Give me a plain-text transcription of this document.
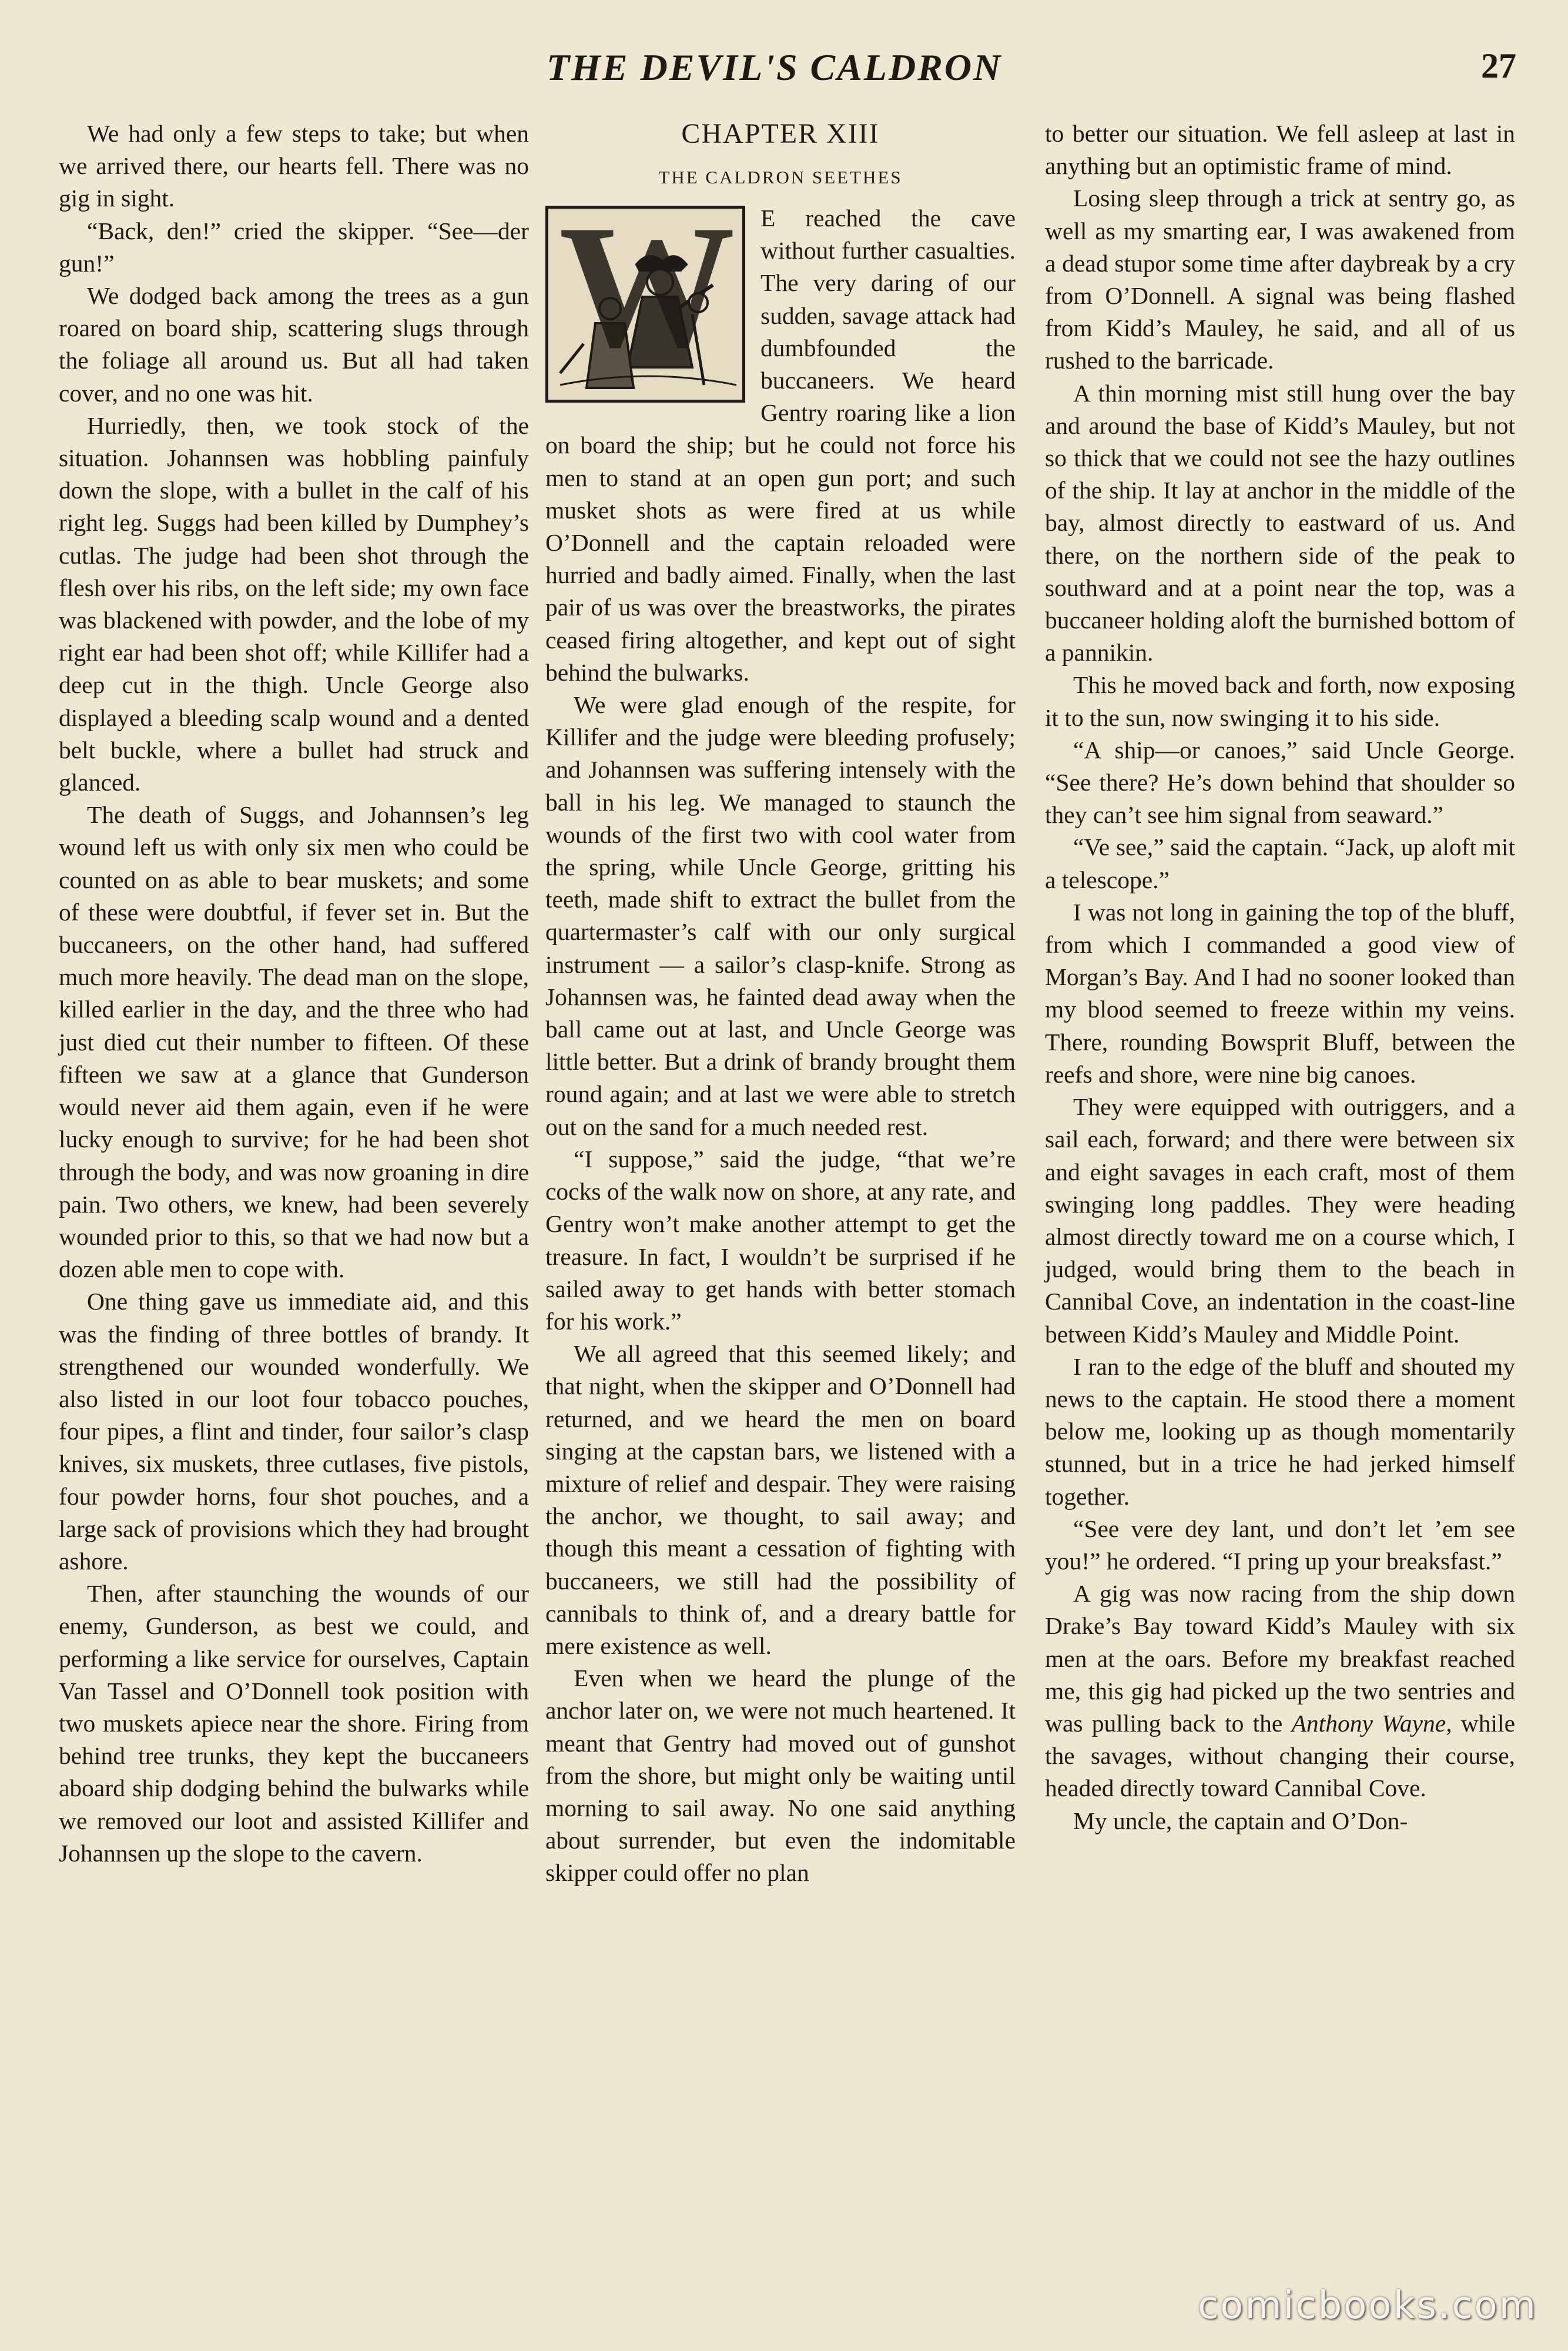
THE DEVIL'S CALDRON	27

We had only a few steps to take; but when we arrived there, our hearts fell. There was no gig in sight.

“Back, den!” cried the skipper. “See—der gun!”

We dodged back among the trees as a gun roared on board ship, scattering slugs through the foliage all around us. But all had taken cover, and no one was hit.

Hurriedly, then, we took stock of the situation. Johannsen was hobbling painfuly down the slope, with a bullet in the calf of his right leg. Suggs had been killed by Dumphey’s cutlas. The judge had been shot through the flesh over his ribs, on the left side; my own face was blackened with powder, and the lobe of my right ear had been shot off; while Killifer had a deep cut in the thigh. Uncle George also displayed a bleeding scalp wound and a dented belt buckle, where a bullet had struck and glanced.

The death of Suggs, and Johannsen’s leg wound left us with only six men who could be counted on as able to bear muskets; and some of these were doubtful, if fever set in. But the buccaneers, on the other hand, had suffered much more heavily. The dead man on the slope, killed earlier in the day, and the three who had just died cut their number to fifteen. Of these fifteen we saw at a glance that Gunderson would never aid them again, even if he were lucky enough to survive; for he had been shot through the body, and was now groaning in dire pain. Two others, we knew, had been severely wounded prior to this, so that we had now but a dozen able men to cope with.

One thing gave us immediate aid, and this was the finding of three bottles of brandy. It strengthened our wounded wonderfully. We also listed in our loot four tobacco pouches, four pipes, a flint and tinder, four sailor’s clasp knives, six muskets, three cutlases, five pistols, four powder horns, four shot pouches, and a large sack of provisions which they had brought ashore.

Then, after staunching the wounds of our enemy, Gunderson, as best we could, and performing a like service for ourselves, Captain Van Tassel and O’Donnell took position with two muskets apiece near the shore. Firing from behind tree trunks, they kept the buccaneers aboard ship dodging behind the bulwarks while we removed our loot and assisted Killifer and Johannsen up the slope to the cavern.

CHAPTER XIII
THE CALDRON SEETHES
W	E reached the cave without further casualties. The very daring of our sudden, savage attack had dumbfounded the buccaneers. We heard Gentry roaring like a lion on board the ship; but he could not force his men to stand at an open gun port; and such musket shots as were fired at us while O’Donnell and the captain reloaded were hurried and badly aimed. Finally, when the last pair of us was over the breastworks, the pirates ceased firing altogether, and kept out of sight behind the bulwarks.

We were glad enough of the respite, for Killifer and the judge were bleeding profusely; and Johannsen was suffering intensely with the ball in his leg. We managed to staunch the wounds of the first two with cool water from the spring, while Uncle George, gritting his teeth, made shift to extract the bullet from the quartermaster’s calf with our only surgical instrument — a sailor’s clasp-knife. Strong as Johannsen was, he fainted dead away when the ball came out at last, and Uncle George was little better. But a drink of brandy brought them round again; and at last we were able to stretch out on the sand for a much needed rest.

“I suppose,” said the judge, “that we’re cocks of the walk now on shore, at any rate, and Gentry won’t make another attempt to get the treasure. In fact, I wouldn’t be surprised if he sailed away to get hands with better stomach for his work.”

We all agreed that this seemed likely; and that night, when the skipper and O’Donnell had returned, and we heard the men on board singing at the capstan bars, we listened with a mixture of relief and despair. They were raising the anchor, we thought, to sail away; and though this meant a cessation of fighting with buccaneers, we still had the possibility of cannibals to think of, and a dreary battle for mere existence as well.

Even when we heard the plunge of the anchor later on, we were not much heartened. It meant that Gentry had moved out of gunshot from the shore, but might only be waiting until morning to sail away. No one said anything about surrender, but even the indomitable skipper could offer no plan

to better our situation. We fell asleep at last in anything but an optimistic frame of mind.

Losing sleep through a trick at sentry go, as well as my smarting ear, I was awakened from a dead stupor some time after daybreak by a cry from O’Donnell. A signal was being flashed from Kidd’s Mauley, he said, and all of us rushed to the barricade.

A thin morning mist still hung over the bay and around the base of Kidd’s Mauley, but not so thick that we could not see the hazy outlines of the ship. It lay at anchor in the middle of the bay, almost directly to eastward of us. And there, on the northern side of the peak to southward and at a point near the top, was a buccaneer holding aloft the burnished bottom of a pannikin.

This he moved back and forth, now exposing it to the sun, now swinging it to his side.

“A ship—or canoes,” said Uncle George. “See there? He’s down behind that shoulder so they can’t see him signal from seaward.”

“Ve see,” said the captain. “Jack, up aloft mit a telescope.”

I was not long in gaining the top of the bluff, from which I commanded a good view of Morgan’s Bay. And I had no sooner looked than my blood seemed to freeze within my veins. There, rounding Bowsprit Bluff, between the reefs and shore, were nine big canoes.

They were equipped with outriggers, and a sail each, forward; and there were between six and eight savages in each craft, most of them swinging long paddles. They were heading almost directly toward me on a course which, I judged, would bring them to the beach in Cannibal Cove, an indentation in the coast-line between Kidd’s Mauley and Middle Point.

I ran to the edge of the bluff and shouted my news to the captain. He stood there a moment below me, looking up as though momentarily stunned, but in a trice he had jerked himself together.

“See vere dey lant, und don’t let ’em see you!” he ordered. “I pring up your breaksfast.”

A gig was now racing from the ship down Drake’s Bay toward Kidd’s Mauley with six men at the oars. Before my breakfast reached me, this gig had picked up the two sentries and was pulling back to the Anthony Wayne, while the savages, without changing their course, headed directly toward Cannibal Cove.

My uncle, the captain and O’Don-

comicbooks.com
